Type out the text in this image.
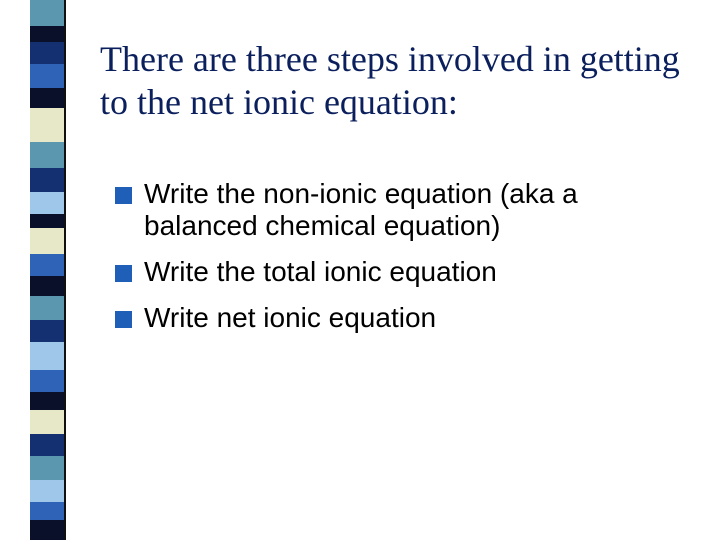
There are three steps involved in getting to the net ionic equation:
Write the non-ionic equation (aka a balanced chemical equation)
Write the total ionic equation
Write net ionic equation
